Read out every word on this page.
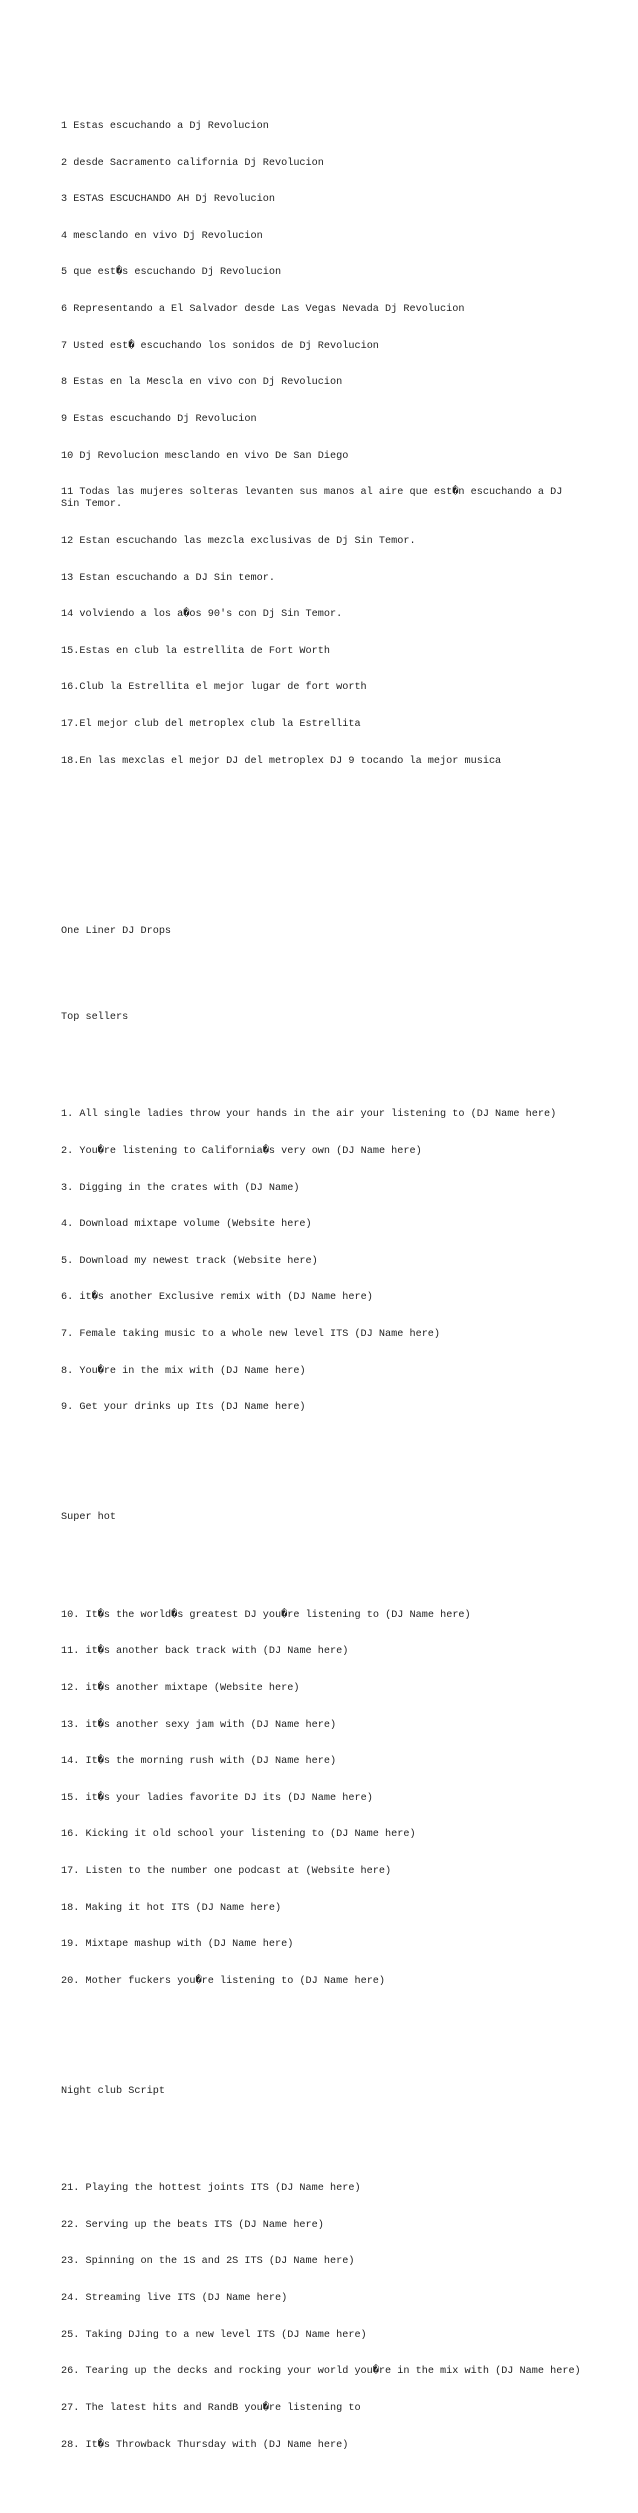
1 Estas escuchando a Dj Revolucion

2 desde Sacramento california Dj Revolucion

3 ESTAS ESCUCHANDO AH Dj Revolucion

4 mesclando en vivo Dj Revolucion

5 que est�s escuchando Dj Revolucion

6 Representando a El Salvador desde Las Vegas Nevada Dj Revolucion

7 Usted est� escuchando los sonidos de Dj Revolucion

8 Estas en la Mescla en vivo con Dj Revolucion

9 Estas escuchando Dj Revolucion

10 Dj Revolucion mesclando en vivo De San Diego

11 Todas las mujeres solteras levanten sus manos al aire que est�n escuchando a DJ Sin Temor.

12 Estan escuchando las mezcla exclusivas de Dj Sin Temor.

13 Estan escuchando a DJ Sin temor.

14 volviendo a los a�os 90's con Dj Sin Temor.

15.Estas en club la estrellita de Fort Worth

16.Club la Estrellita el mejor lugar de fort worth

17.El mejor club del metroplex club la Estrellita

18.En las mexclas el mejor DJ del metroplex DJ 9 tocando la mejor musica

One Liner DJ Drops

Top sellers

1. All single ladies throw your hands in the air your listening to (DJ Name here)

2. You�re listening to California�s very own (DJ Name here)

3. Digging in the crates with (DJ Name)

4. Download mixtape volume (Website here)

5. Download my newest track (Website here)

6. it�s another Exclusive remix with (DJ Name here)

7. Female taking music to a whole new level ITS (DJ Name here)

8. You�re in the mix with (DJ Name here)

9. Get your drinks up Its (DJ Name here)

Super hot

10. It�s the world�s greatest DJ you�re listening to (DJ Name here)

11. it�s another back track with (DJ Name here)

12. it�s another mixtape (Website here)

13. it�s another sexy jam with (DJ Name here)

14. It�s the morning rush with (DJ Name here)

15. it�s your ladies favorite DJ its (DJ Name here)

16. Kicking it old school your listening to (DJ Name here)

17. Listen to the number one podcast at (Website here)

18. Making it hot ITS (DJ Name here)

19. Mixtape mashup with (DJ Name here)

20. Mother fuckers you�re listening to (DJ Name here)

Night club Script

21. Playing the hottest joints ITS (DJ Name here)

22. Serving up the beats ITS (DJ Name here)

23. Spinning on the 1S and 2S ITS (DJ Name here)

24. Streaming live ITS (DJ Name here)

25. Taking DJing to a new level ITS (DJ Name here)

26. Tearing up the decks and rocking your world you�re in the mix with (DJ Name here)

27. The latest hits and RandB you�re listening to

28. It�s Throwback Thursday with (DJ Name here)
